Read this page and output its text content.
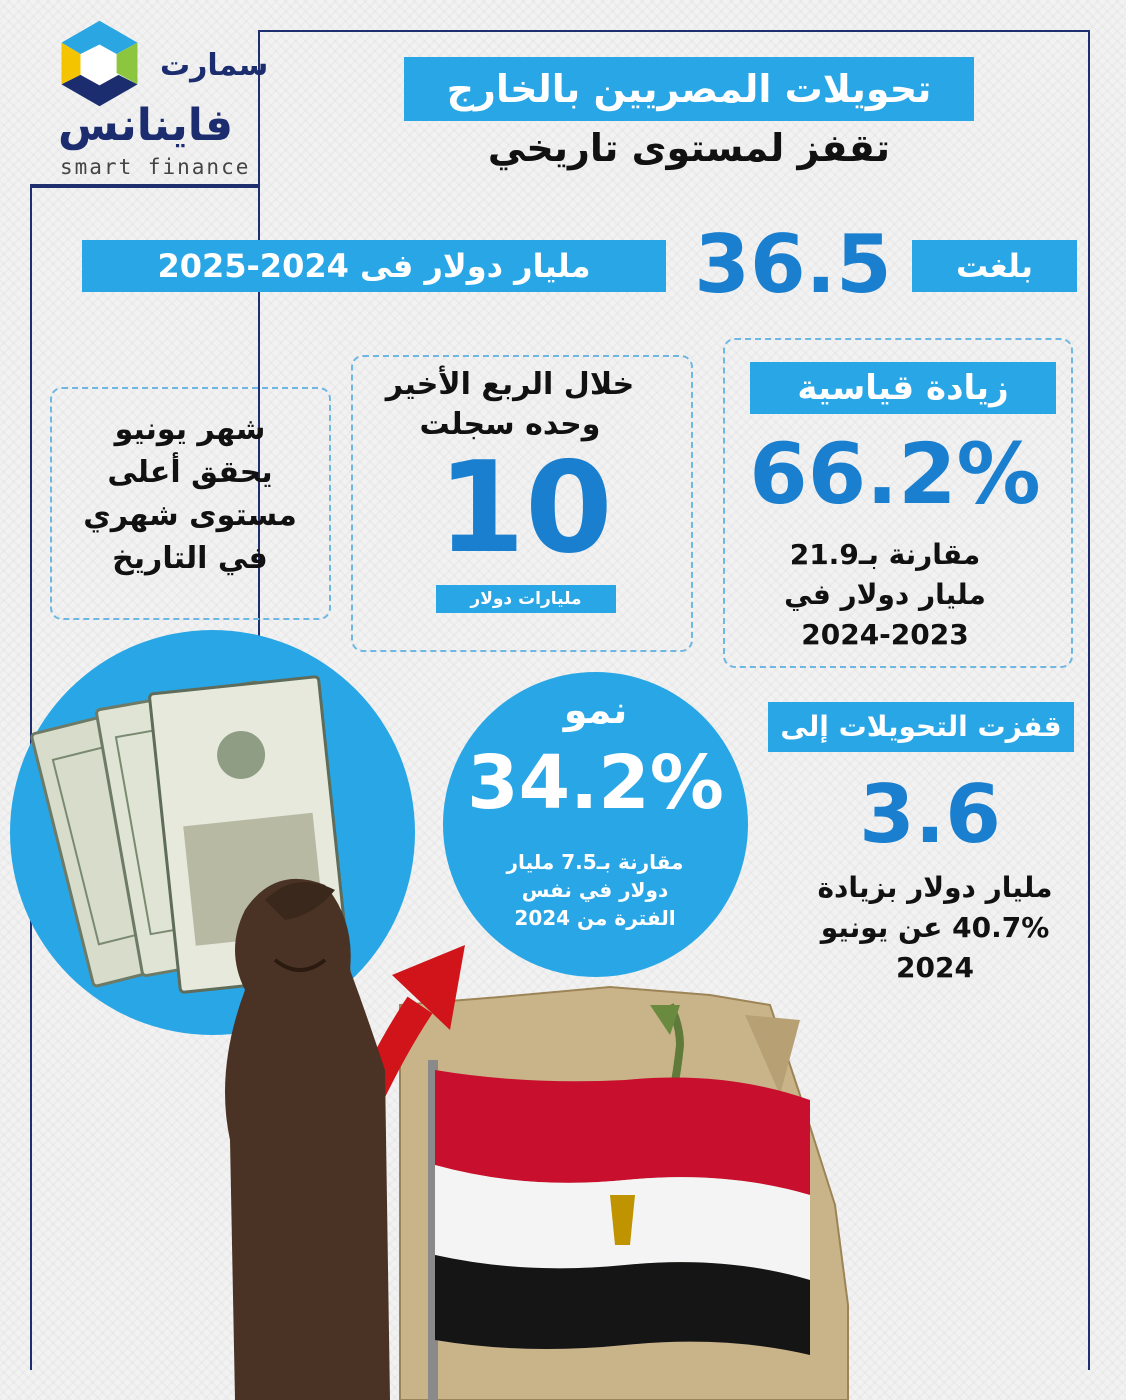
سمارت
فاينانس
smart finance
تحويلات المصريين بالخارج
تقفز لمستوى تاريخي
بلغت
36.5
مليار دولار فى 2024-2025
زيادة قياسية
66.2%
مقارنة بـ21.9
مليار دولار في
2024-2023
خلال الربع الأخير
وحده سجلت
10
مليارات دولار
شهر يونيو
يحقق أعلى
مستوى شهري
في التاريخ
نمو
34.2%
مقارنة بـ7.5 مليار
دولار في نفس
الفترة من 2024
قفزت التحويلات إلى
3.6
مليار دولار بزيادة
40.7% عن يونيو
2024
